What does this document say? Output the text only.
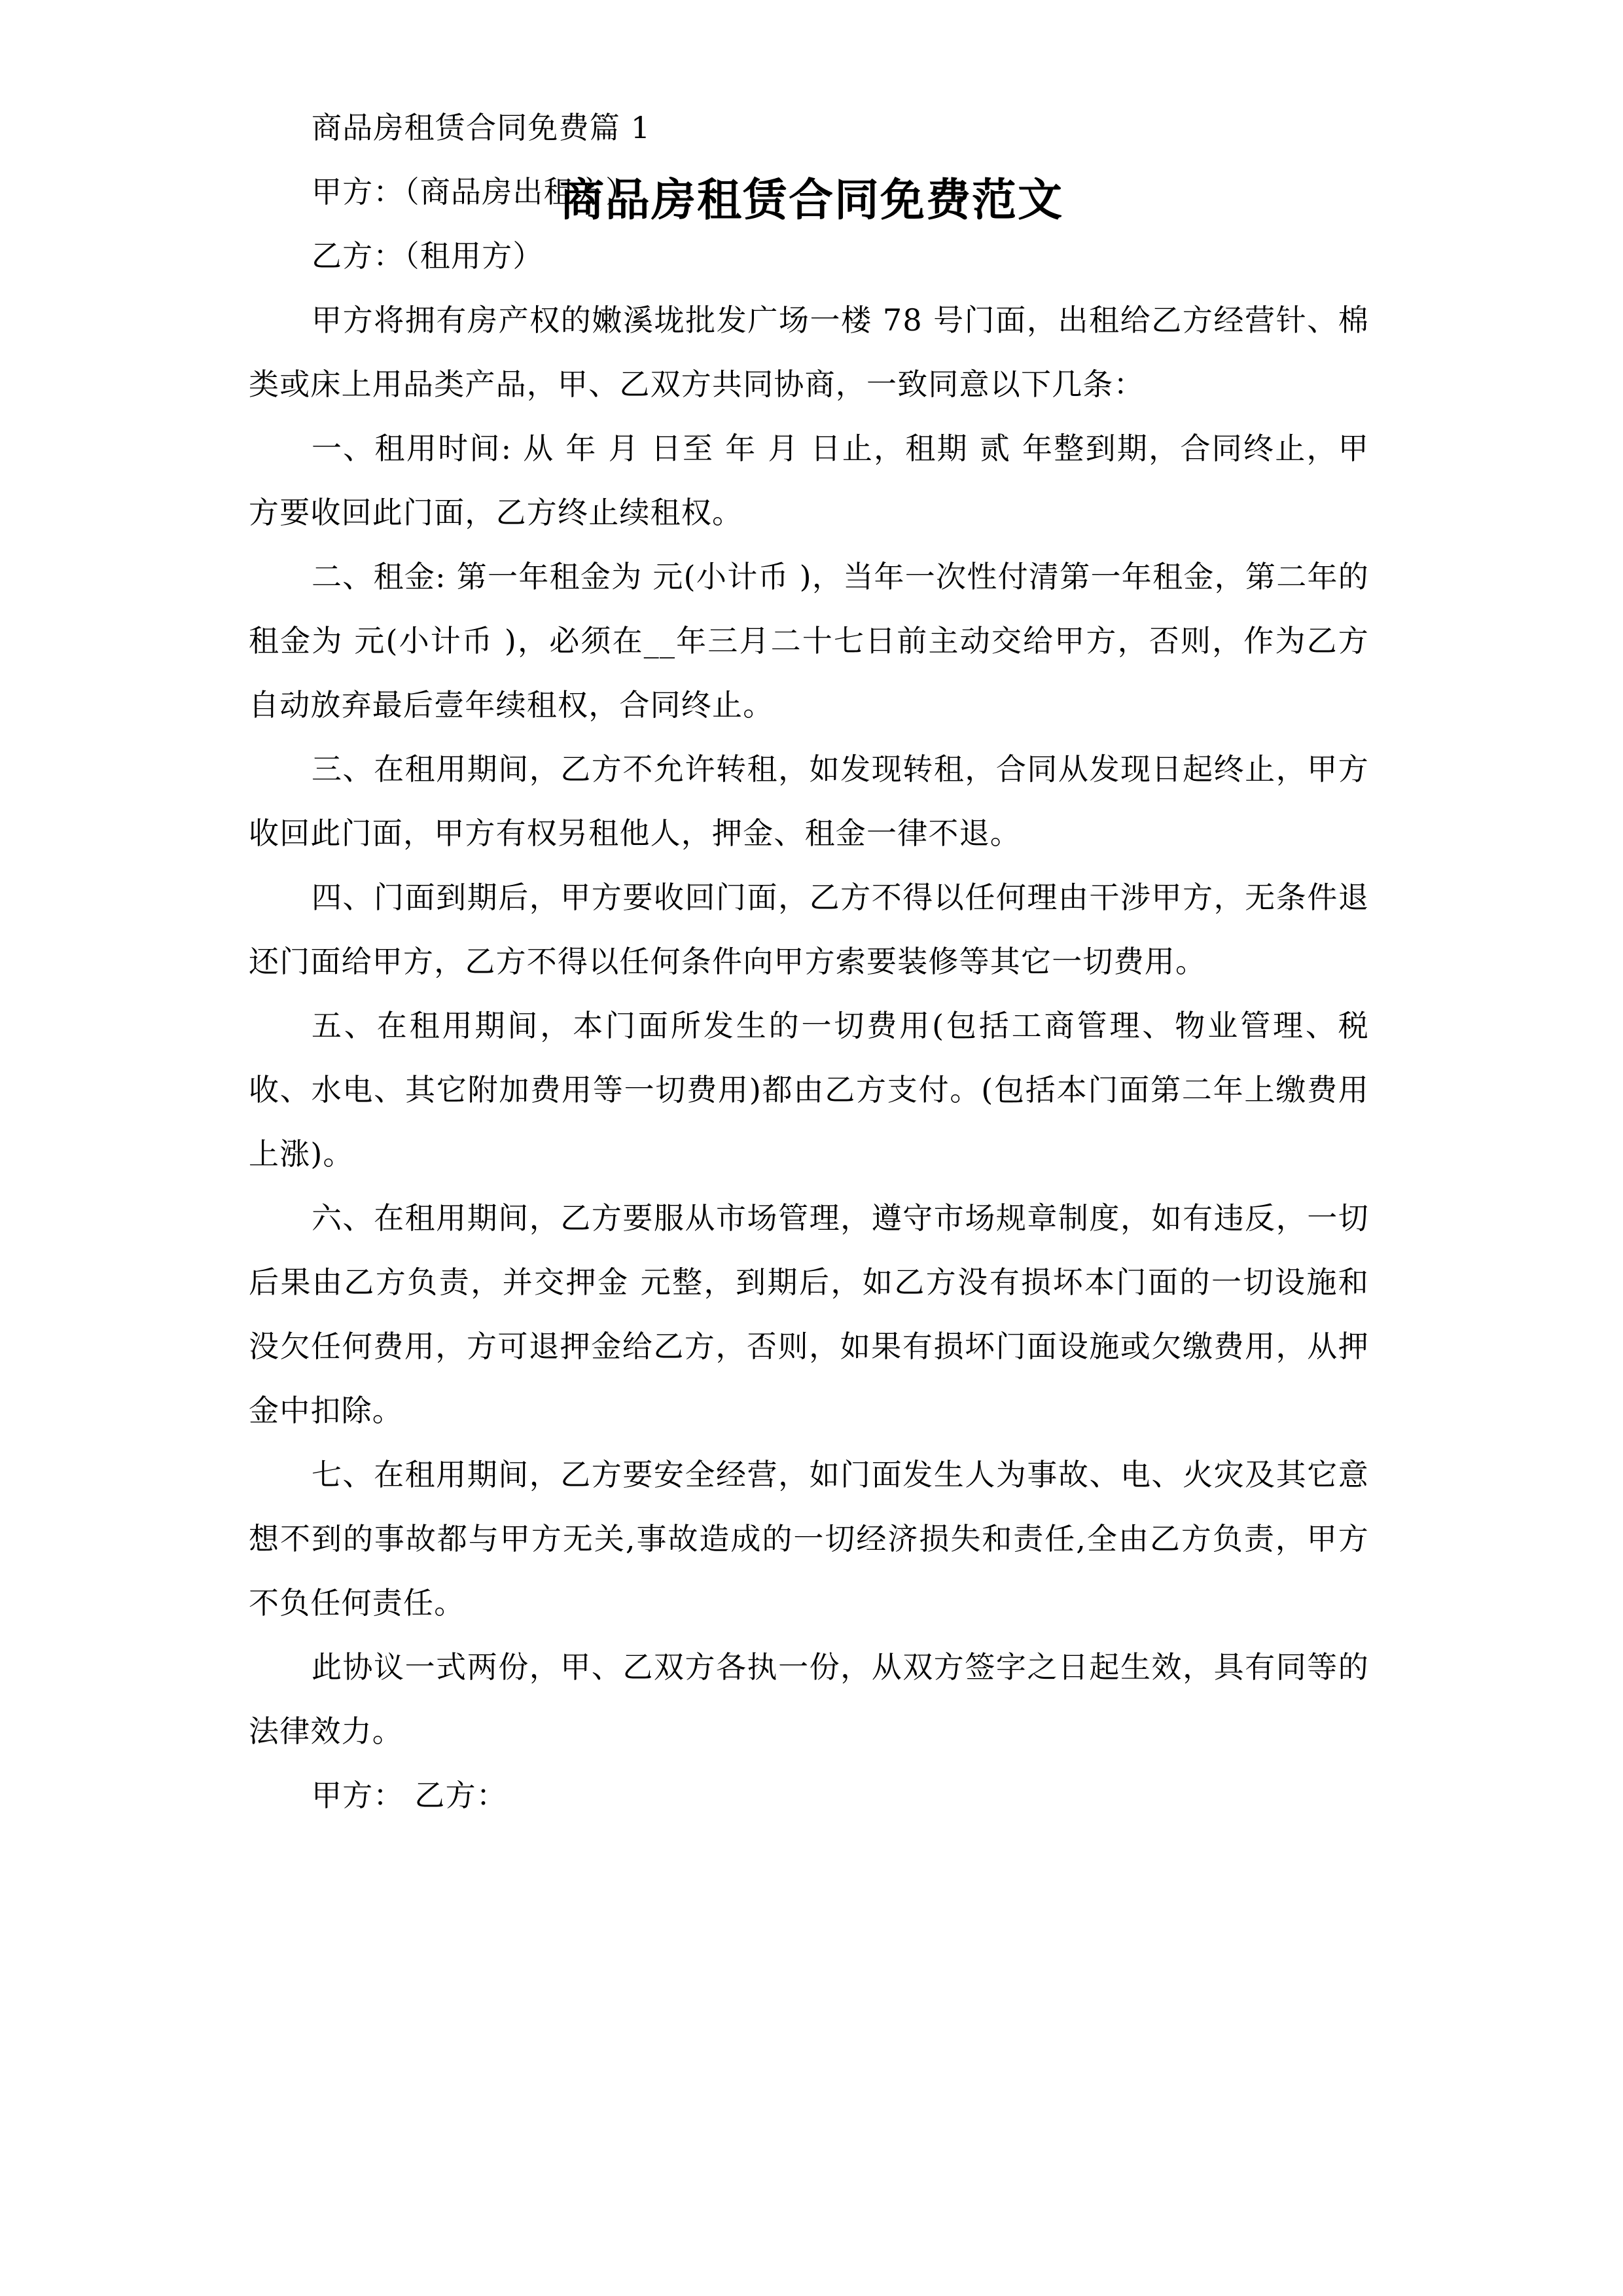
商品房租赁合同免费范文

商品房租赁合同免费篇 1

甲方：（商品房出租方）

乙方：（租用方）

甲方将拥有房产权的嫩溪垅批发广场一楼 78 号门面，出租给乙方经营针、棉类或床上用品类产品，甲、乙双方共同协商，一致同意以下几条：

一、租用时间: 从 年 月 日至 年 月 日止，租期 贰 年整到期，合同终止，甲方要收回此门面，乙方终止续租权。

二、租金: 第一年租金为 元(小计币 )，当年一次性付清第一年租金，第二年的租金为 元(小计币 )，必须在__年三月二十七日前主动交给甲方，否则，作为乙方自动放弃最后壹年续租权，合同终止。

三、在租用期间，乙方不允许转租，如发现转租，合同从发现日起终止，甲方收回此门面，甲方有权另租他人，押金、租金一律不退。

四、门面到期后，甲方要收回门面，乙方不得以任何理由干涉甲方，无条件退还门面给甲方，乙方不得以任何条件向甲方索要装修等其它一切费用。

五、在租用期间，本门面所发生的一切费用(包括工商管理、物业管理、税收、水电、其它附加费用等一切费用)都由乙方支付。(包括本门面第二年上缴费用上涨)。

六、在租用期间，乙方要服从市场管理，遵守市场规章制度，如有违反，一切后果由乙方负责，并交押金 元整，到期后，如乙方没有损坏本门面的一切设施和没欠任何费用，方可退押金给乙方，否则，如果有损坏门面设施或欠缴费用，从押金中扣除。

七、在租用期间，乙方要安全经营，如门面发生人为事故、电、火灾及其它意想不到的事故都与甲方无关,事故造成的一切经济损失和责任,全由乙方负责，甲方不负任何责任。

此协议一式两份，甲、乙双方各执一份，从双方签字之日起生效，具有同等的法律效力。

甲方： 乙方：
